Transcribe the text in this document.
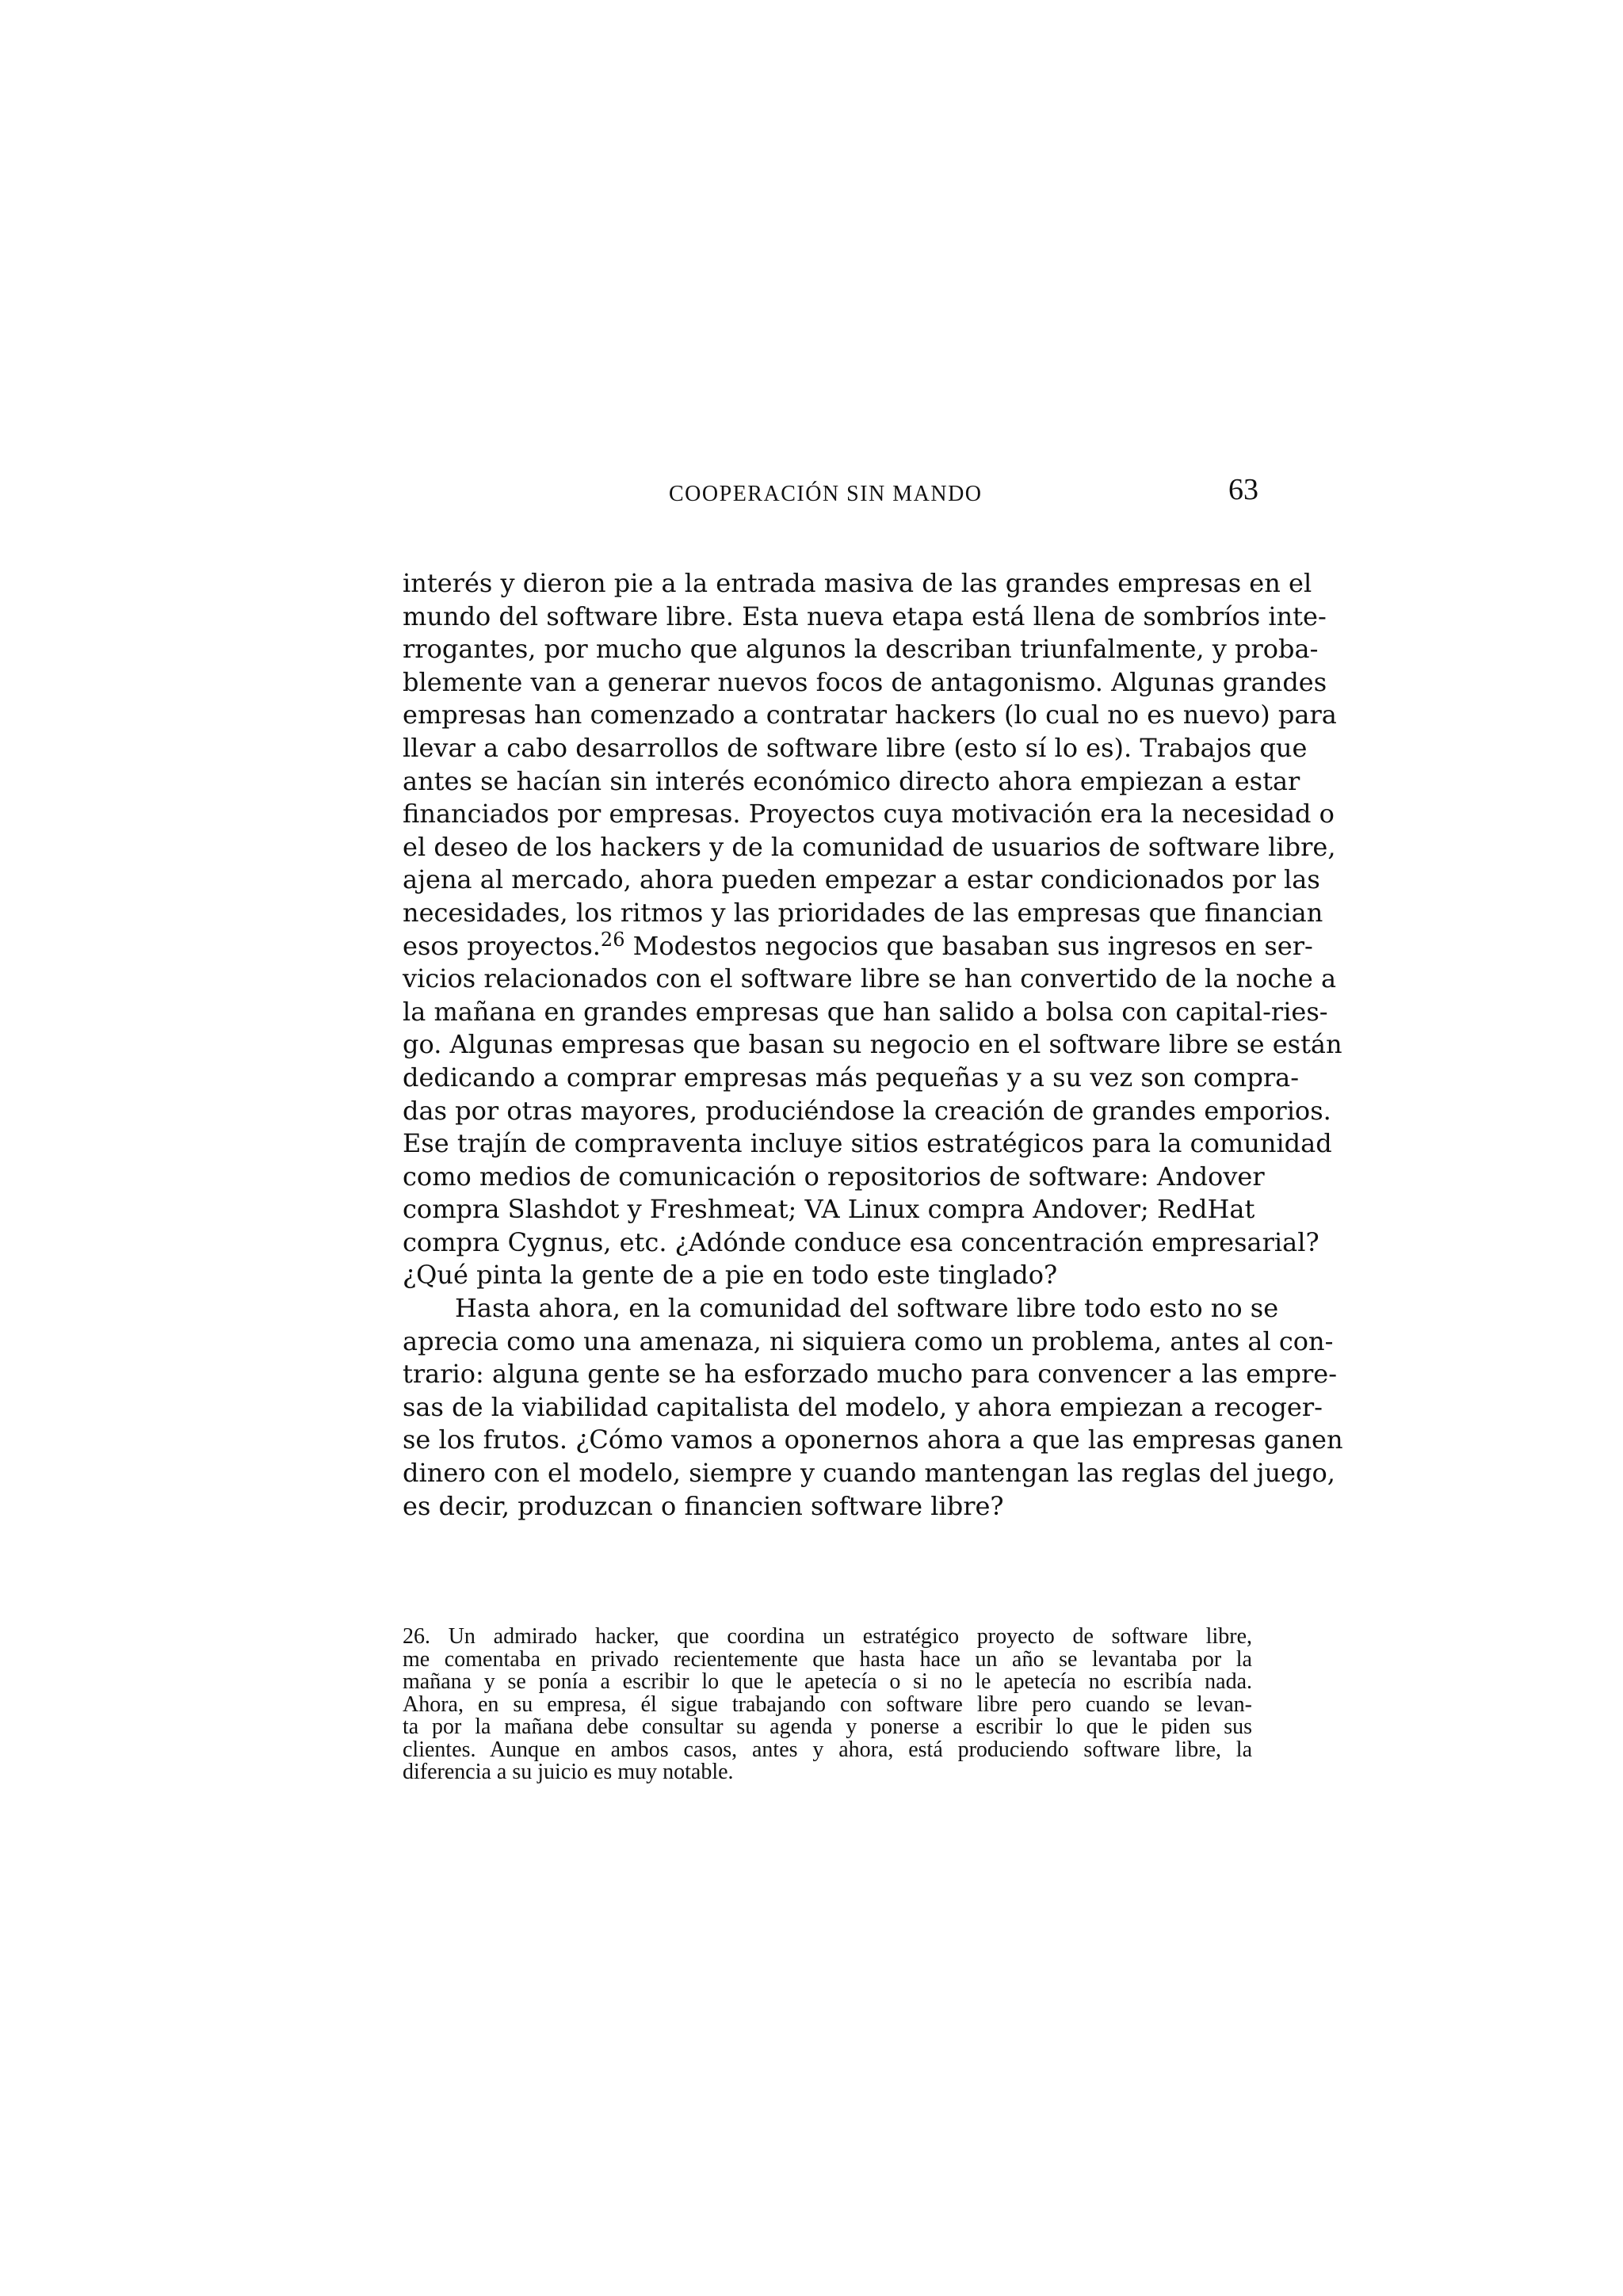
COOPERACIÓN SIN MANDO	63
interés y dieron pie a la entrada masiva de las grandes empresas en el
mundo del software libre. Esta nueva etapa está llena de sombríos inte-
rrogantes, por mucho que algunos la describan triunfalmente, y proba-
blemente van a generar nuevos focos de antagonismo. Algunas grandes
empresas han comenzado a contratar hackers (lo cual no es nuevo) para
llevar a cabo desarrollos de software libre (esto sí lo es). Trabajos que
antes se hacían sin interés económico directo ahora empiezan a estar
financiados por empresas. Proyectos cuya motivación era la necesidad o
el deseo de los hackers y de la comunidad de usuarios de software libre,
ajena al mercado, ahora pueden empezar a estar condicionados por las
necesidades, los ritmos y las prioridades de las empresas que financian
esos proyectos.$^{26}$ Modestos negocios que basaban sus ingresos en ser-
vicios relacionados con el software libre se han convertido de la noche a
la mañana en grandes empresas que han salido a bolsa con capital-ries-
go. Algunas empresas que basan su negocio en el software libre se están
dedicando a comprar empresas más pequeñas y a su vez son compra-
das por otras mayores, produciéndose la creación de grandes emporios.
Ese trajín de compraventa incluye sitios estratégicos para la comunidad
como medios de comunicación o repositorios de software: Andover
compra Slashdot y Freshmeat; VA Linux compra Andover; RedHat
compra Cygnus, etc. ¿Adónde conduce esa concentración empresarial?
¿Qué pinta la gente de a pie en todo este tinglado?
Hasta ahora, en la comunidad del software libre todo esto no se
aprecia como una amenaza, ni siquiera como un problema, antes al con-
trario: alguna gente se ha esforzado mucho para convencer a las empre-
sas de la viabilidad capitalista del modelo, y ahora empiezan a recoger-
se los frutos. ¿Cómo vamos a oponernos ahora a que las empresas ganen
dinero con el modelo, siempre y cuando mantengan las reglas del juego,
es decir, produzcan o financien software libre?
26. Un admirado hacker, que coordina un estratégico proyecto de software libre,
me comentaba en privado recientemente que hasta hace un año se levantaba por la
mañana y se ponía a escribir lo que le apetecía o si no le apetecía no escribía nada.
Ahora, en su empresa, él sigue trabajando con software libre pero cuando se levan-
ta por la mañana debe consultar su agenda y ponerse a escribir lo que le piden sus
clientes. Aunque en ambos casos, antes y ahora, está produciendo software libre, la
diferencia a su juicio es muy notable.
